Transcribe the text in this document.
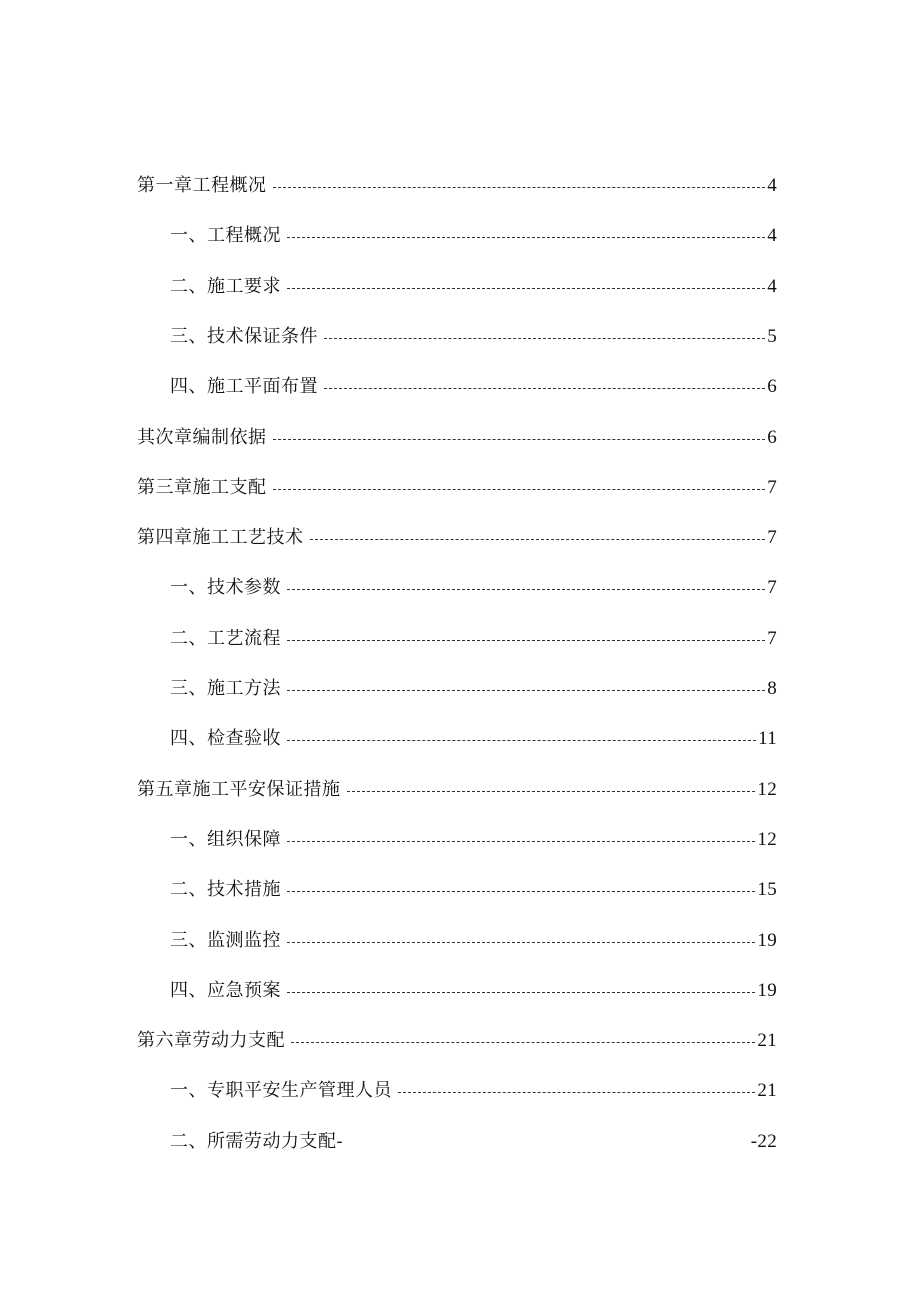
第一章工程概况	4
一、工程概况	4
二、施工要求	4
三、技术保证条件	5
四、施工平面布置	6
其次章编制依据	6
第三章施工支配	7
第四章施工工艺技术	7
一、技术参数	7
二、工艺流程	7
三、施工方法	8
四、检查验收	11
第五章施工平安保证措施	12
一、组织保障	12
二、技术措施	15
三、监测监控	19
四、应急预案	19
第六章劳动力支配	21
一、专职平安生产管理人员	21
二、所需劳动力支配-	-22
